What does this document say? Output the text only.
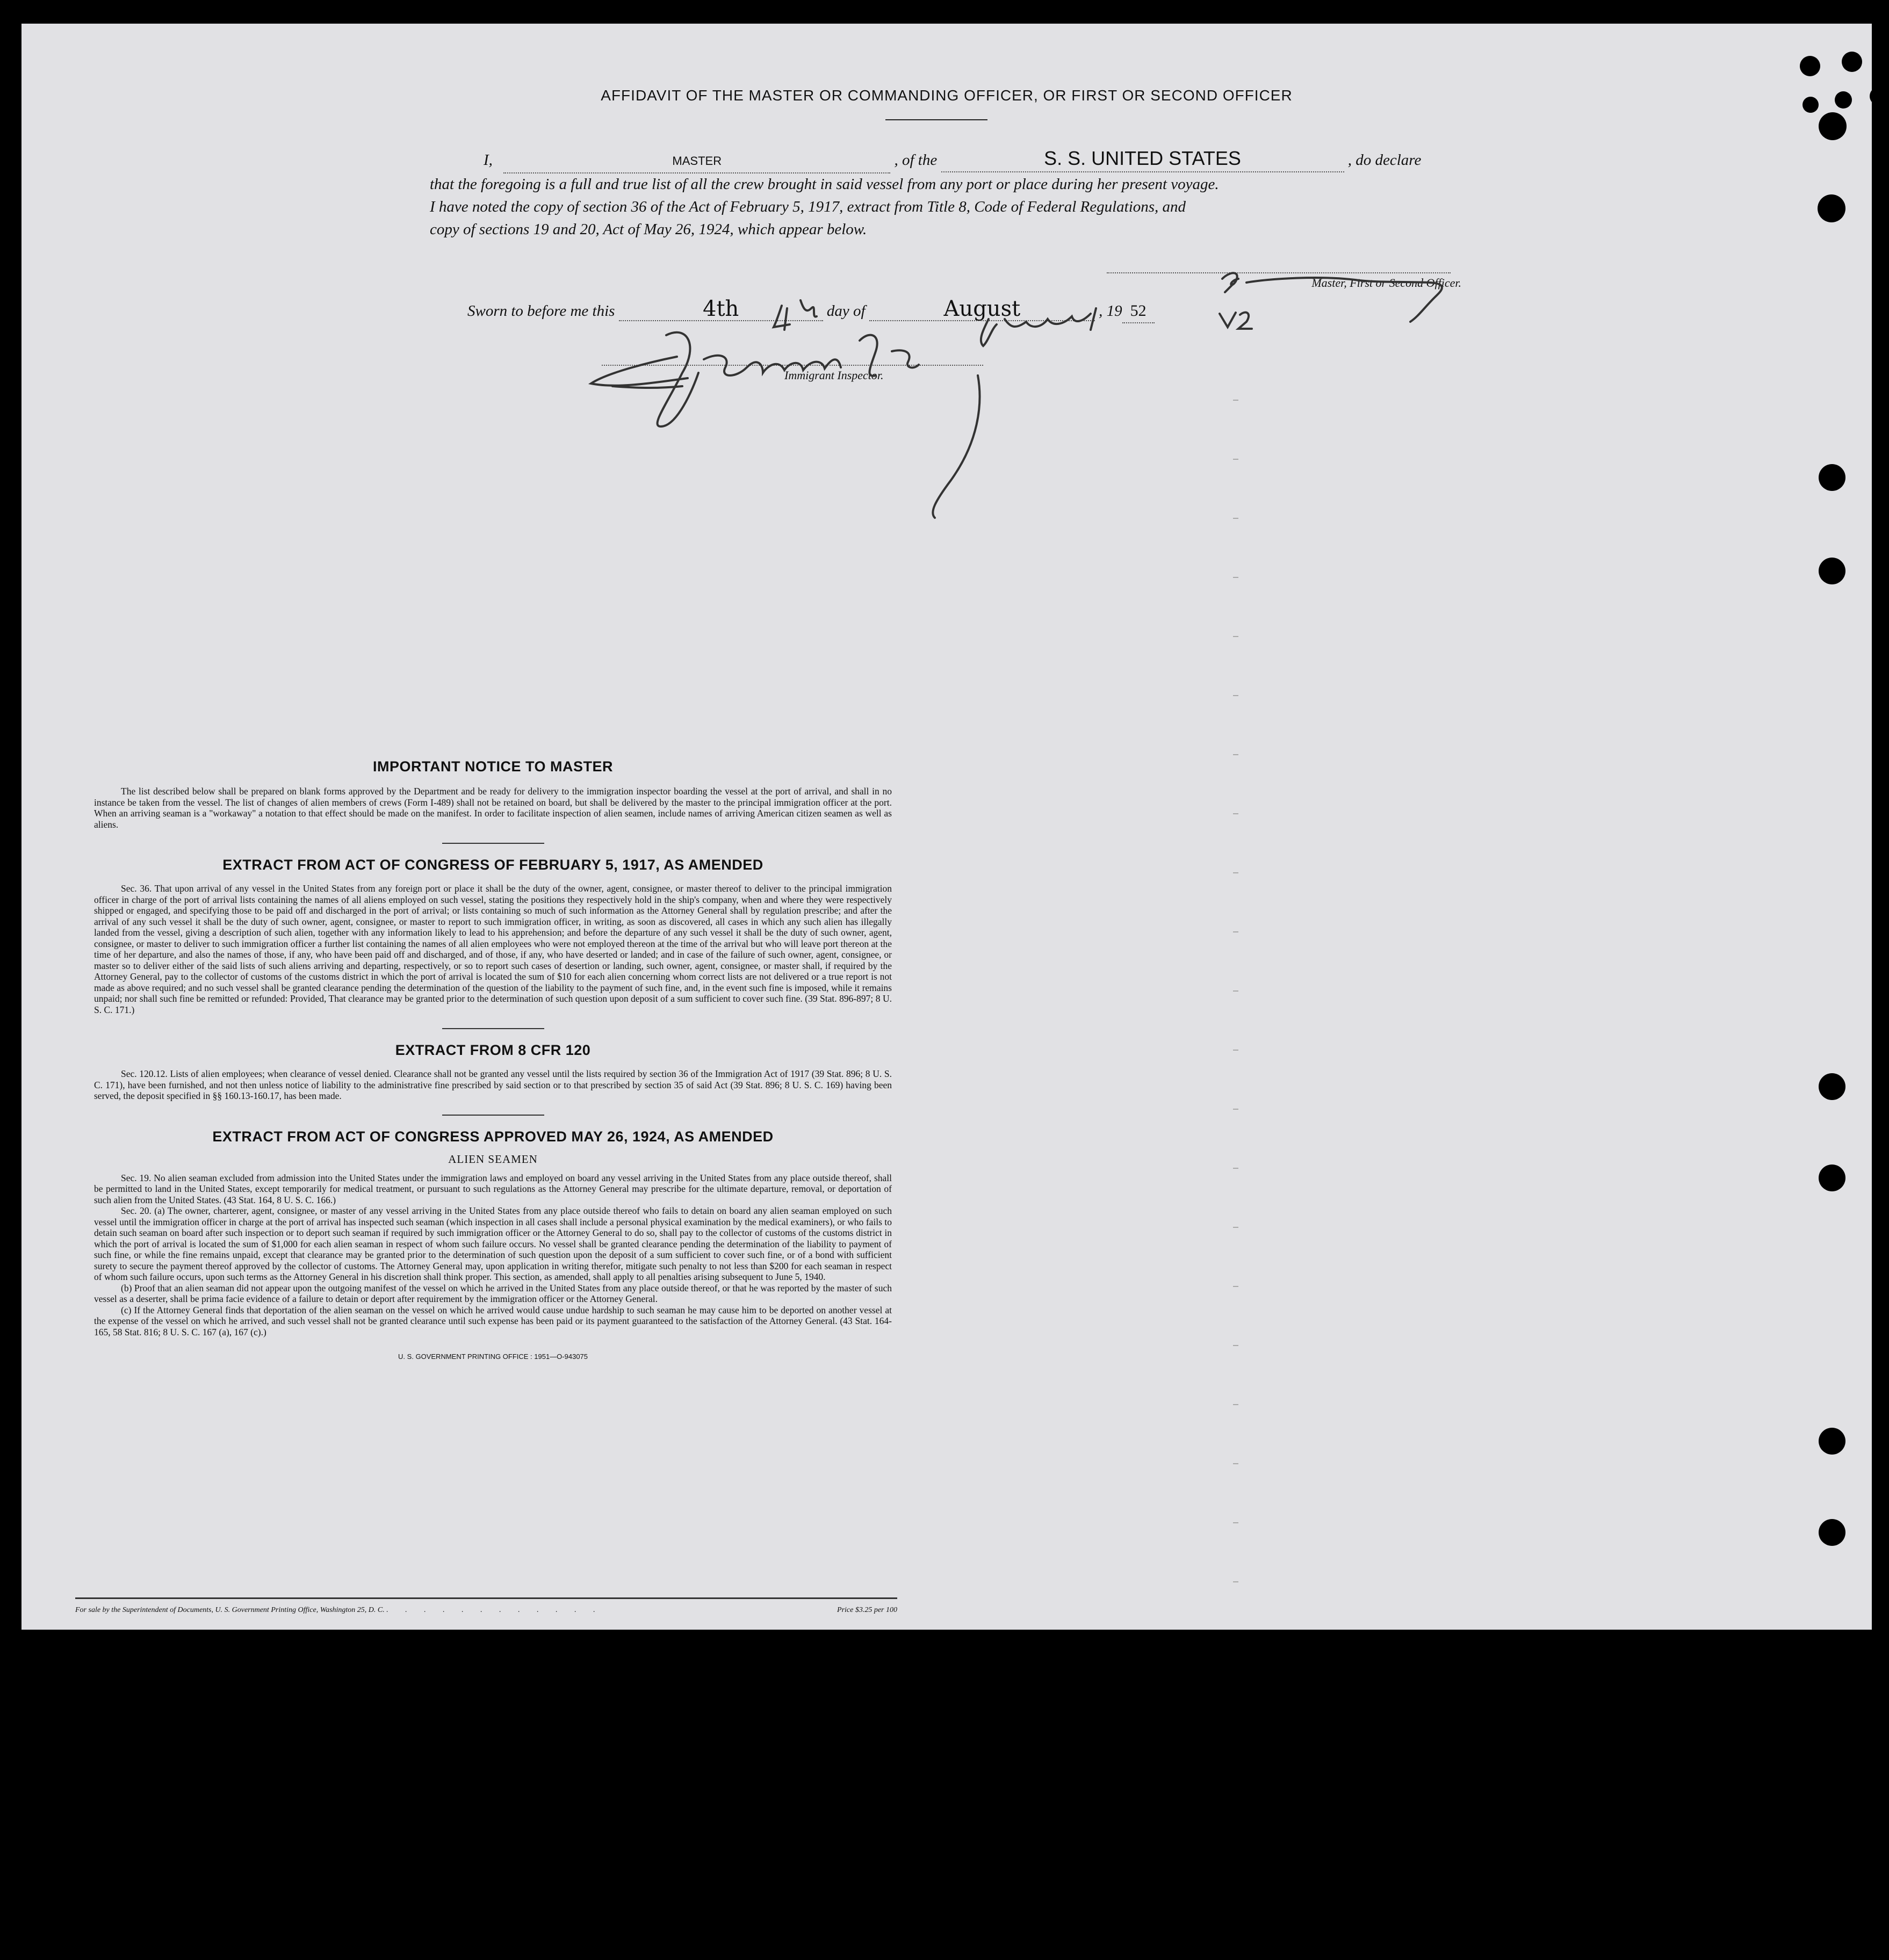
AFFIDAVIT OF THE MASTER OR COMMANDING OFFICER, OR FIRST OR SECOND OFFICER
I,	MASTER	, of the	S. S. UNITED STATES	, do declare
that the foregoing is a full and true list of all the crew brought in said vessel from any port or place during her present voyage.
I have noted the copy of section 36 of the Act of February 5, 1917, extract from Title 8, Code of Federal Regulations, and
copy of sections 19 and 20, Act of May 26, 1924, which appear below.
Master, First or Second Officer.
Sworn to before me this	4th	day of	August	, 19 52
Immigrant Inspector.
IMPORTANT NOTICE TO MASTER

The list described below shall be prepared on blank forms approved by the Department and be ready for delivery to the immigration inspector boarding the vessel at the port of arrival, and shall in no instance be taken from the vessel. The list of changes of alien members of crews (Form I-489) shall not be retained on board, but shall be delivered by the master to the principal immigration officer at the port. When an arriving seaman is a "workaway" a notation to that effect should be made on the manifest. In order to facilitate inspection of alien seamen, include names of arriving American citizen seamen as well as aliens.

EXTRACT FROM ACT OF CONGRESS OF FEBRUARY 5, 1917, AS AMENDED

Sec. 36. That upon arrival of any vessel in the United States from any foreign port or place it shall be the duty of the owner, agent, consignee, or master thereof to deliver to the principal immigration officer in charge of the port of arrival lists containing the names of all aliens employed on such vessel, stating the positions they respectively hold in the ship's company, when and where they were respectively shipped or engaged, and specifying those to be paid off and discharged in the port of arrival; or lists containing so much of such information as the Attorney General shall by regulation prescribe; and after the arrival of any such vessel it shall be the duty of such owner, agent, consignee, or master to report to such immigration officer, in writing, as soon as discovered, all cases in which any such alien has illegally landed from the vessel, giving a description of such alien, together with any information likely to lead to his apprehension; and before the departure of any such vessel it shall be the duty of such owner, agent, consignee, or master to deliver to such immigration officer a further list containing the names of all alien employees who were not employed thereon at the time of the arrival but who will leave port thereon at the time of her departure, and also the names of those, if any, who have been paid off and discharged, and of those, if any, who have deserted or landed; and in case of the failure of such owner, agent, consignee, or master so to deliver either of the said lists of such aliens arriving and departing, respectively, or so to report such cases of desertion or landing, such owner, agent, consignee, or master shall, if required by the Attorney General, pay to the collector of customs of the customs district in which the port of arrival is located the sum of $10 for each alien concerning whom correct lists are not delivered or a true report is not made as above required; and no such vessel shall be granted clearance pending the determination of the question of the liability to the payment of such fine, and, in the event such fine is imposed, while it remains unpaid; nor shall such fine be remitted or refunded: Provided, That clearance may be granted prior to the determination of such question upon deposit of a sum sufficient to cover such fine. (39 Stat. 896-897; 8 U. S. C. 171.)

EXTRACT FROM 8 CFR 120

Sec. 120.12. Lists of alien employees; when clearance of vessel denied. Clearance shall not be granted any vessel until the lists required by section 36 of the Immigration Act of 1917 (39 Stat. 896; 8 U. S. C. 171), have been furnished, and not then unless notice of liability to the administrative fine prescribed by said section or to that prescribed by section 35 of said Act (39 Stat. 896; 8 U. S. C. 169) having been served, the deposit specified in §§ 160.13-160.17, has been made.

EXTRACT FROM ACT OF CONGRESS APPROVED MAY 26, 1924, AS AMENDED
ALIEN SEAMEN

Sec. 19. No alien seaman excluded from admission into the United States under the immigration laws and employed on board any vessel arriving in the United States from any place outside thereof, shall be permitted to land in the United States, except temporarily for medical treatment, or pursuant to such regulations as the Attorney General may prescribe for the ultimate departure, removal, or deportation of such alien from the United States. (43 Stat. 164, 8 U. S. C. 166.)

Sec. 20. (a) The owner, charterer, agent, consignee, or master of any vessel arriving in the United States from any place outside thereof who fails to detain on board any alien seaman employed on such vessel until the immigration officer in charge at the port of arrival has inspected such seaman (which inspection in all cases shall include a personal physical examination by the medical examiners), or who fails to detain such seaman on board after such inspection or to deport such seaman if required by such immigration officer or the Attorney General to do so, shall pay to the collector of customs of the customs district in which the port of arrival is located the sum of $1,000 for each alien seaman in respect of whom such failure occurs. No vessel shall be granted clearance pending the determination of the liability to payment of such fine, or while the fine remains unpaid, except that clearance may be granted prior to the determination of such question upon the deposit of a sum sufficient to cover such fine, or of a bond with sufficient surety to secure the payment thereof approved by the collector of customs. The Attorney General may, upon application in writing therefor, mitigate such penalty to not less than $200 for each seaman in respect of whom such failure occurs, upon such terms as the Attorney General in his discretion shall think proper. This section, as amended, shall apply to all penalties arising subsequent to June 5, 1940.

(b) Proof that an alien seaman did not appear upon the outgoing manifest of the vessel on which he arrived in the United States from any place outside thereof, or that he was reported by the master of such vessel as a deserter, shall be prima facie evidence of a failure to detain or deport after requirement by the immigration officer or the Attorney General.

(c) If the Attorney General finds that deportation of the alien seaman on the vessel on which he arrived would cause undue hardship to such seaman he may cause him to be deported on another vessel at the expense of the vessel on which he arrived, and such vessel shall not be granted clearance until such expense has been paid or its payment guaranteed to the satisfaction of the Attorney General. (43 Stat. 164-165, 58 Stat. 816; 8 U. S. C. 167 (a), 167 (c).)

U. S. GOVERNMENT PRINTING OFFICE : 1951—O-943075
For sale by the Superintendent of Documents, U. S. Government Printing Office, Washington 25, D. C. . . . . . . . . . . . .	Price $3.25 per 100
